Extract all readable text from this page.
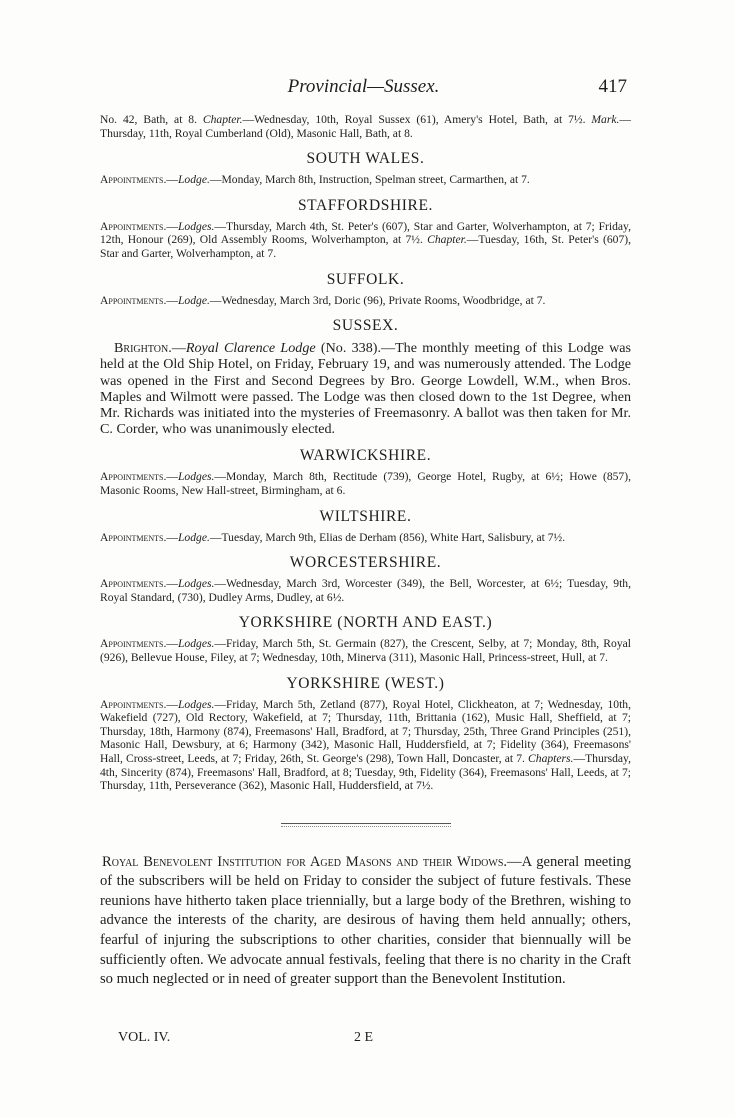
Provincial—Sussex.	417

No. 42, Bath, at 8. Chapter.—Wednesday, 10th, Royal Sussex (61), Amery's Hotel, Bath, at 7½. Mark.—Thursday, 11th, Royal Cumberland (Old), Masonic Hall, Bath, at 8.

SOUTH WALES.

Appointments.—Lodge.—Monday, March 8th, Instruction, Spelman street, Carmarthen, at 7.

STAFFORDSHIRE.

Appointments.—Lodges.—Thursday, March 4th, St. Peter's (607), Star and Garter, Wolverhampton, at 7; Friday, 12th, Honour (269), Old Assembly Rooms, Wolverhampton, at 7½. Chapter.—Tuesday, 16th, St. Peter's (607), Star and Garter, Wolverhampton, at 7.

SUFFOLK.

Appointments.—Lodge.—Wednesday, March 3rd, Doric (96), Private Rooms, Woodbridge, at 7.

SUSSEX.

Brighton.—Royal Clarence Lodge (No. 338).—The monthly meeting of this Lodge was held at the Old Ship Hotel, on Friday, February 19, and was numerously attended. The Lodge was opened in the First and Second Degrees by Bro. George Lowdell, W.M., when Bros. Maples and Wilmott were passed. The Lodge was then closed down to the 1st Degree, when Mr. Richards was initiated into the mysteries of Freemasonry. A ballot was then taken for Mr. C. Corder, who was unanimously elected.

WARWICKSHIRE.

Appointments.—Lodges.—Monday, March 8th, Rectitude (739), George Hotel, Rugby, at 6½; Howe (857), Masonic Rooms, New Hall-street, Birmingham, at 6.

WILTSHIRE.

Appointments.—Lodge.—Tuesday, March 9th, Elias de Derham (856), White Hart, Salisbury, at 7½.

WORCESTERSHIRE.

Appointments.—Lodges.—Wednesday, March 3rd, Worcester (349), the Bell, Worcester, at 6½; Tuesday, 9th, Royal Standard, (730), Dudley Arms, Dudley, at 6½.

YORKSHIRE (NORTH AND EAST.)

Appointments.—Lodges.—Friday, March 5th, St. Germain (827), the Crescent, Selby, at 7; Monday, 8th, Royal (926), Bellevue House, Filey, at 7; Wednesday, 10th, Minerva (311), Masonic Hall, Princess-street, Hull, at 7.

YORKSHIRE (WEST.)

Appointments.—Lodges.—Friday, March 5th, Zetland (877), Royal Hotel, Clickheaton, at 7; Wednesday, 10th, Wakefield (727), Old Rectory, Wakefield, at 7; Thursday, 11th, Brittania (162), Music Hall, Sheffield, at 7; Thursday, 18th, Harmony (874), Freemasons' Hall, Bradford, at 7; Thursday, 25th, Three Grand Principles (251), Masonic Hall, Dewsbury, at 6; Harmony (342), Masonic Hall, Huddersfield, at 7; Fidelity (364), Freemasons' Hall, Cross-street, Leeds, at 7; Friday, 26th, St. George's (298), Town Hall, Doncaster, at 7. Chapters.—Thursday, 4th, Sincerity (874), Freemasons' Hall, Bradford, at 8; Tuesday, 9th, Fidelity (364), Freemasons' Hall, Leeds, at 7; Thursday, 11th, Perseverance (362), Masonic Hall, Huddersfield, at 7½.

Royal Benevolent Institution for Aged Masons and their Widows.—A general meeting of the subscribers will be held on Friday to consider the subject of future festivals. These reunions have hitherto taken place triennially, but a large body of the Brethren, wishing to advance the interests of the charity, are desirous of having them held annually; others, fearful of injuring the subscriptions to other charities, consider that biennually will be sufficiently often. We advocate annual festivals, feeling that there is no charity in the Craft so much neglected or in need of greater support than the Benevolent Institution.

VOL. IV.	2 E
